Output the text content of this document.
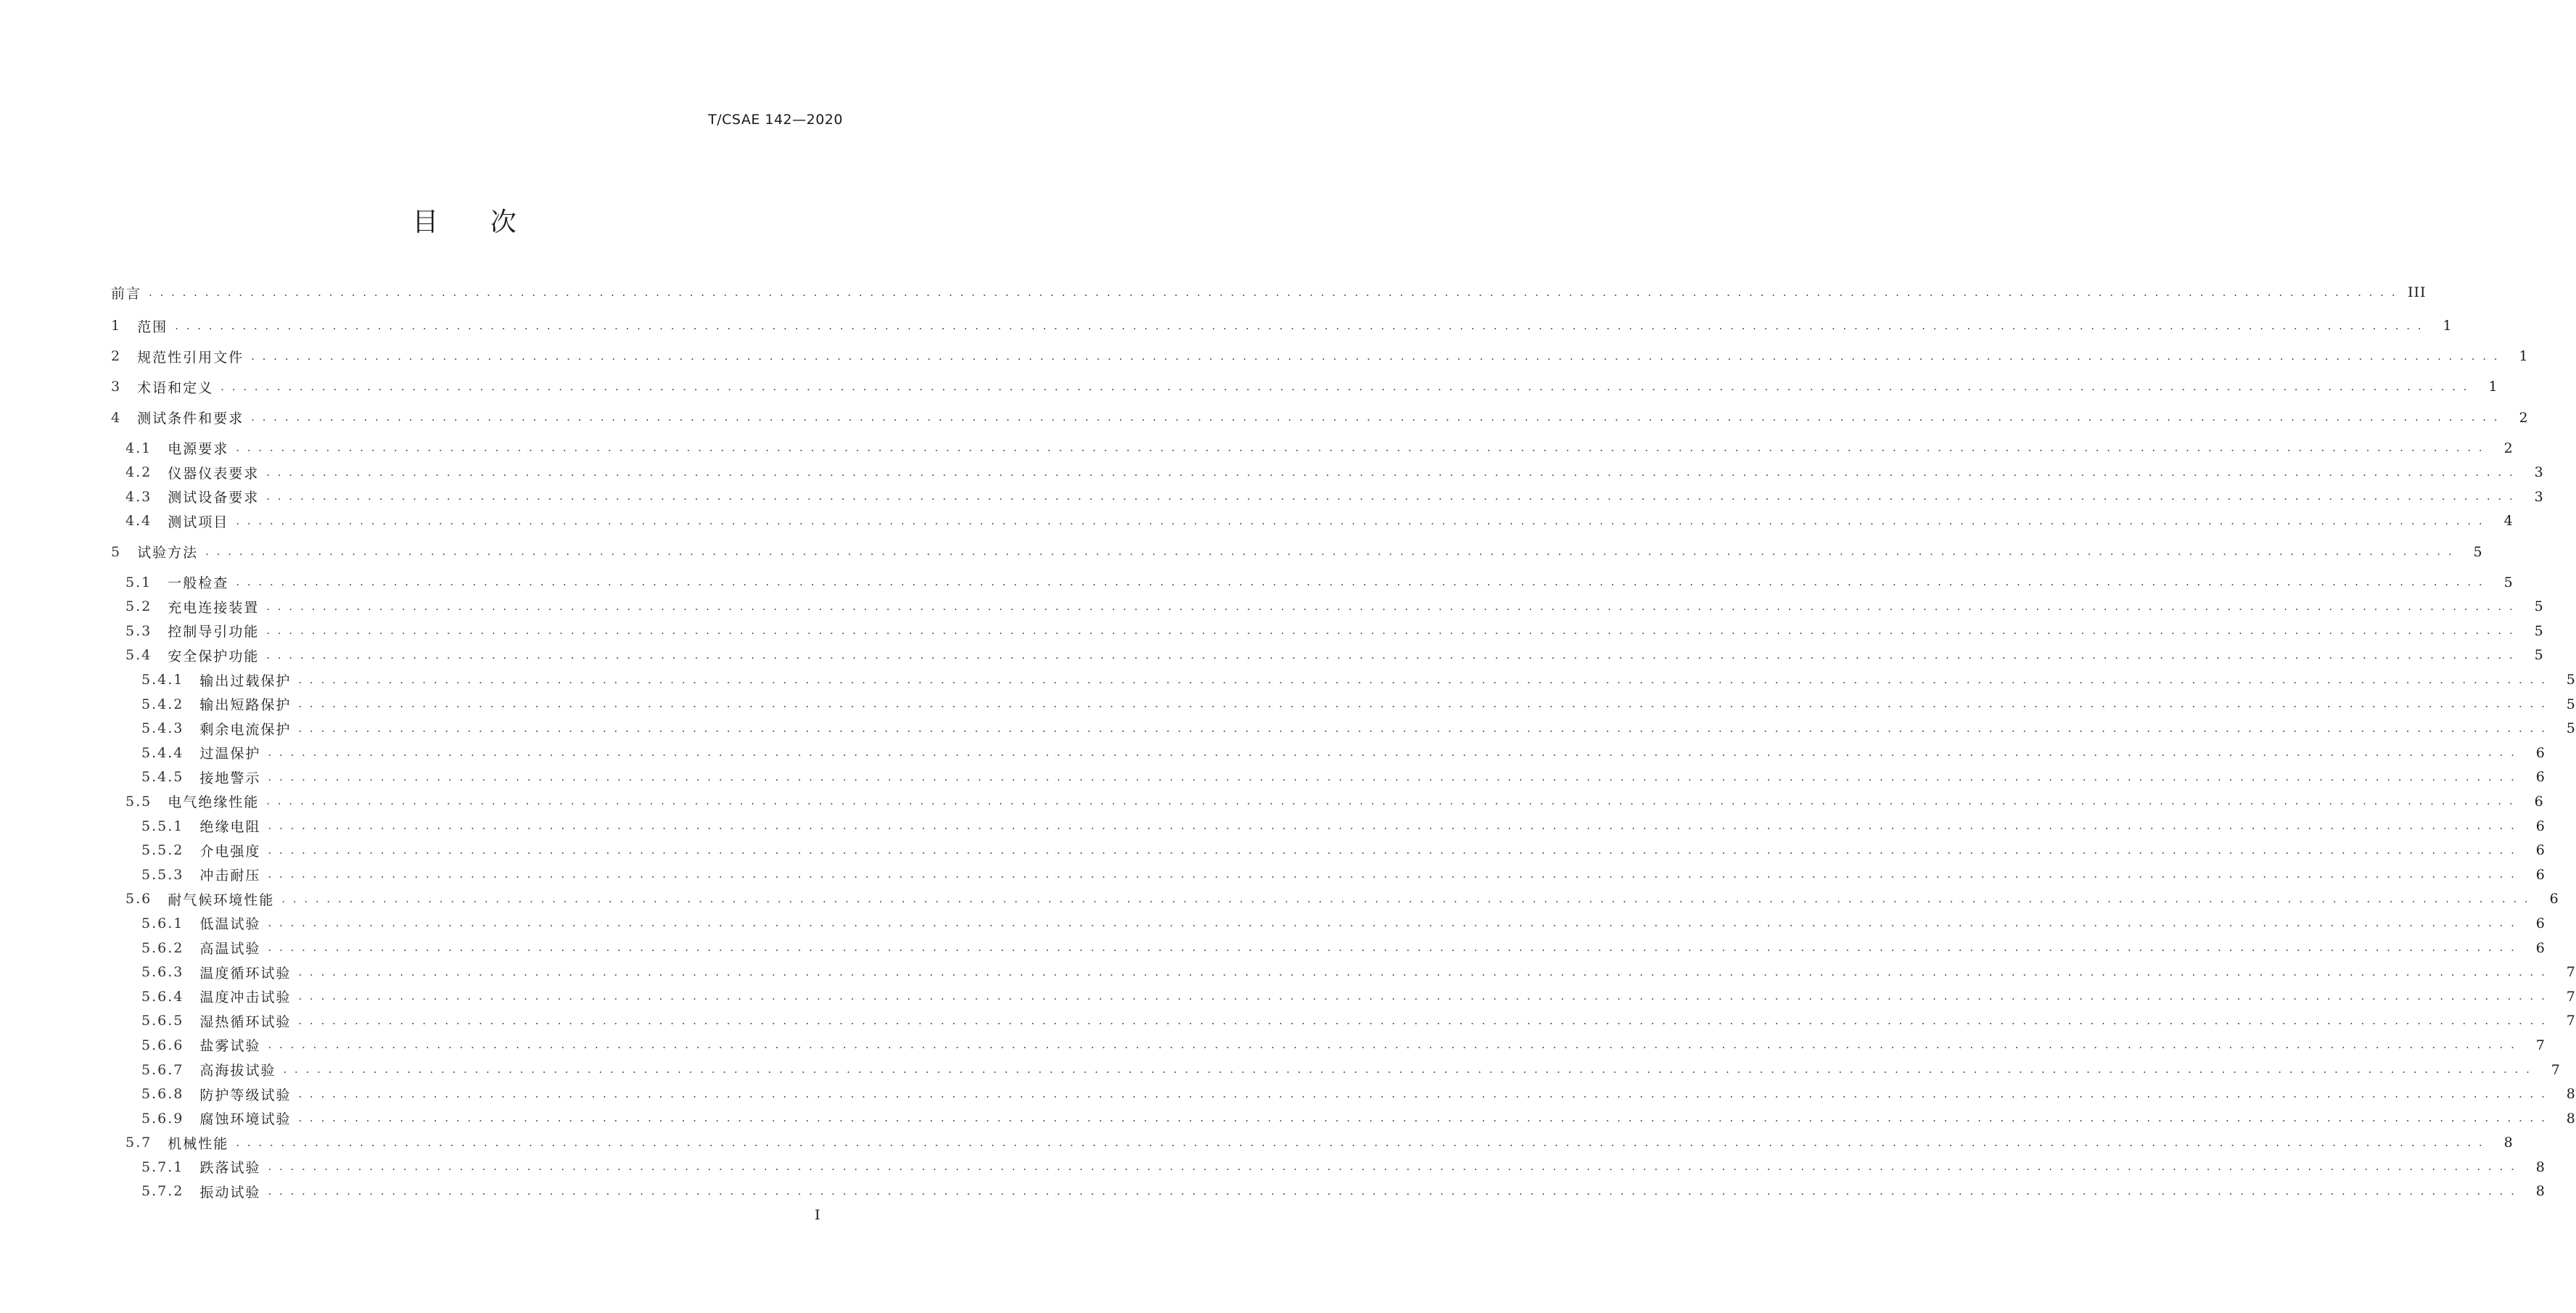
T/CSAE 142—2020
目 次
前言 . . . . . . . . . . . . . . . . . . . . . . . . . . . . . . . . . . . . . . . . . . . . . . . . . . . . . . . . . . . . . . . . . . . . . . . . . . . . . . . . . . . . . . . . . . . . . . . . . . . . . . . . . . . . . . . . . . . . . . . . . . . . . . . . . . . . . . . . . . . . . . . . . . . . . . . . . . . . . . . . . . . . . . . . . . . . . . . . . . . . . . . . . . . . . . . . . . . . . . . . III
1 范围 . . . . . . . . . . . . . . . . . . . . . . . . . . . . . . . . . . . . . . . . . . . . . . . . . . . . . . . . . . . . . . . . . . . . . . . . . . . . . . . . . . . . . . . . . . . . . . . . . . . . . . . . . . . . . . . . . . . . . . . . . . . . . . . . . . . . . . . . . . . . . . . . . . . . . . . . . . . . . . . . . . . . . . . . . . . . . . . . . . . . . . . . . . . . . . . . . . . . . . . .	1
2 规范性引用文件 . . . . . . . . . . . . . . . . . . . . . . . . . . . . . . . . . . . . . . . . . . . . . . . . . . . . . . . . . . . . . . . . . . . . . . . . . . . . . . . . . . . . . . . . . . . . . . . . . . . . . . . . . . . . . . . . . . . . . . . . . . . . . . . . . . . . . . . . . . . . . . . . . . . . . . . . . . . . . . . . . . . . . . . . . . . . . . . . . . . . . . . . . . . . . . . . . . . . . . . .	1
3 术语和定义 . . . . . . . . . . . . . . . . . . . . . . . . . . . . . . . . . . . . . . . . . . . . . . . . . . . . . . . . . . . . . . . . . . . . . . . . . . . . . . . . . . . . . . . . . . . . . . . . . . . . . . . . . . . . . . . . . . . . . . . . . . . . . . . . . . . . . . . . . . . . . . . . . . . . . . . . . . . . . . . . . . . . . . . . . . . . . . . . . . . . . . . . . . . . . . . . . . . . . . . .	1
4 测试条件和要求 . . . . . . . . . . . . . . . . . . . . . . . . . . . . . . . . . . . . . . . . . . . . . . . . . . . . . . . . . . . . . . . . . . . . . . . . . . . . . . . . . . . . . . . . . . . . . . . . . . . . . . . . . . . . . . . . . . . . . . . . . . . . . . . . . . . . . . . . . . . . . . . . . . . . . . . . . . . . . . . . . . . . . . . . . . . . . . . . . . . . . . . . . . . . . . . . . . . . . . . .	2
4.1 电源要求 . . . . . . . . . . . . . . . . . . . . . . . . . . . . . . . . . . . . . . . . . . . . . . . . . . . . . . . . . . . . . . . . . . . . . . . . . . . . . . . . . . . . . . . . . . . . . . . . . . . . . . . . . . . . . . . . . . . . . . . . . . . . . . . . . . . . . . . . . . . . . . . . . . . . . . . . . . . . . . . . . . . . . . . . . . . . . . . . . . . . . . . . . . . . . . . . . . . . . . . .	2
4.2 仪器仪表要求 . . . . . . . . . . . . . . . . . . . . . . . . . . . . . . . . . . . . . . . . . . . . . . . . . . . . . . . . . . . . . . . . . . . . . . . . . . . . . . . . . . . . . . . . . . . . . . . . . . . . . . . . . . . . . . . . . . . . . . . . . . . . . . . . . . . . . . . . . . . . . . . . . . . . . . . . . . . . . . . . . . . . . . . . . . . . . . . . . . . . . . . . . . . . . . . . . . . . . . . .	3
4.3 测试设备要求 . . . . . . . . . . . . . . . . . . . . . . . . . . . . . . . . . . . . . . . . . . . . . . . . . . . . . . . . . . . . . . . . . . . . . . . . . . . . . . . . . . . . . . . . . . . . . . . . . . . . . . . . . . . . . . . . . . . . . . . . . . . . . . . . . . . . . . . . . . . . . . . . . . . . . . . . . . . . . . . . . . . . . . . . . . . . . . . . . . . . . . . . . . . . . . . . . . . . . . . .	3
4.4 测试项目 . . . . . . . . . . . . . . . . . . . . . . . . . . . . . . . . . . . . . . . . . . . . . . . . . . . . . . . . . . . . . . . . . . . . . . . . . . . . . . . . . . . . . . . . . . . . . . . . . . . . . . . . . . . . . . . . . . . . . . . . . . . . . . . . . . . . . . . . . . . . . . . . . . . . . . . . . . . . . . . . . . . . . . . . . . . . . . . . . . . . . . . . . . . . . . . . . . . . . . . .	4
5 试验方法 . . . . . . . . . . . . . . . . . . . . . . . . . . . . . . . . . . . . . . . . . . . . . . . . . . . . . . . . . . . . . . . . . . . . . . . . . . . . . . . . . . . . . . . . . . . . . . . . . . . . . . . . . . . . . . . . . . . . . . . . . . . . . . . . . . . . . . . . . . . . . . . . . . . . . . . . . . . . . . . . . . . . . . . . . . . . . . . . . . . . . . . . . . . . . . . . . . . . . . . .	5
5.1 一般检查 . . . . . . . . . . . . . . . . . . . . . . . . . . . . . . . . . . . . . . . . . . . . . . . . . . . . . . . . . . . . . . . . . . . . . . . . . . . . . . . . . . . . . . . . . . . . . . . . . . . . . . . . . . . . . . . . . . . . . . . . . . . . . . . . . . . . . . . . . . . . . . . . . . . . . . . . . . . . . . . . . . . . . . . . . . . . . . . . . . . . . . . . . . . . . . . . . . . . . . . .	5
5.2 充电连接装置 . . . . . . . . . . . . . . . . . . . . . . . . . . . . . . . . . . . . . . . . . . . . . . . . . . . . . . . . . . . . . . . . . . . . . . . . . . . . . . . . . . . . . . . . . . . . . . . . . . . . . . . . . . . . . . . . . . . . . . . . . . . . . . . . . . . . . . . . . . . . . . . . . . . . . . . . . . . . . . . . . . . . . . . . . . . . . . . . . . . . . . . . . . . . . . . . . . . . . . . .	5
5.3 控制导引功能 . . . . . . . . . . . . . . . . . . . . . . . . . . . . . . . . . . . . . . . . . . . . . . . . . . . . . . . . . . . . . . . . . . . . . . . . . . . . . . . . . . . . . . . . . . . . . . . . . . . . . . . . . . . . . . . . . . . . . . . . . . . . . . . . . . . . . . . . . . . . . . . . . . . . . . . . . . . . . . . . . . . . . . . . . . . . . . . . . . . . . . . . . . . . . . . . . . . . . . . .	5
5.4 安全保护功能 . . . . . . . . . . . . . . . . . . . . . . . . . . . . . . . . . . . . . . . . . . . . . . . . . . . . . . . . . . . . . . . . . . . . . . . . . . . . . . . . . . . . . . . . . . . . . . . . . . . . . . . . . . . . . . . . . . . . . . . . . . . . . . . . . . . . . . . . . . . . . . . . . . . . . . . . . . . . . . . . . . . . . . . . . . . . . . . . . . . . . . . . . . . . . . . . . . . . . . . .	5
5.4.1 输出过载保护 . . . . . . . . . . . . . . . . . . . . . . . . . . . . . . . . . . . . . . . . . . . . . . . . . . . . . . . . . . . . . . . . . . . . . . . . . . . . . . . . . . . . . . . . . . . . . . . . . . . . . . . . . . . . . . . . . . . . . . . . . . . . . . . . . . . . . . . . . . . . . . . . . . . . . . . . . . . . . . . . . . . . . . . . . . . . . . . . . . . . . . . . . . . . . . . . . . . . . . . .	5
5.4.2 输出短路保护 . . . . . . . . . . . . . . . . . . . . . . . . . . . . . . . . . . . . . . . . . . . . . . . . . . . . . . . . . . . . . . . . . . . . . . . . . . . . . . . . . . . . . . . . . . . . . . . . . . . . . . . . . . . . . . . . . . . . . . . . . . . . . . . . . . . . . . . . . . . . . . . . . . . . . . . . . . . . . . . . . . . . . . . . . . . . . . . . . . . . . . . . . . . . . . . . . . . . . . . .	5
5.4.3 剩余电流保护 . . . . . . . . . . . . . . . . . . . . . . . . . . . . . . . . . . . . . . . . . . . . . . . . . . . . . . . . . . . . . . . . . . . . . . . . . . . . . . . . . . . . . . . . . . . . . . . . . . . . . . . . . . . . . . . . . . . . . . . . . . . . . . . . . . . . . . . . . . . . . . . . . . . . . . . . . . . . . . . . . . . . . . . . . . . . . . . . . . . . . . . . . . . . . . . . . . . . . . . .	5
5.4.4 过温保护 . . . . . . . . . . . . . . . . . . . . . . . . . . . . . . . . . . . . . . . . . . . . . . . . . . . . . . . . . . . . . . . . . . . . . . . . . . . . . . . . . . . . . . . . . . . . . . . . . . . . . . . . . . . . . . . . . . . . . . . . . . . . . . . . . . . . . . . . . . . . . . . . . . . . . . . . . . . . . . . . . . . . . . . . . . . . . . . . . . . . . . . . . . . . . . . . . . . . . . . .	6
5.4.5 接地警示 . . . . . . . . . . . . . . . . . . . . . . . . . . . . . . . . . . . . . . . . . . . . . . . . . . . . . . . . . . . . . . . . . . . . . . . . . . . . . . . . . . . . . . . . . . . . . . . . . . . . . . . . . . . . . . . . . . . . . . . . . . . . . . . . . . . . . . . . . . . . . . . . . . . . . . . . . . . . . . . . . . . . . . . . . . . . . . . . . . . . . . . . . . . . . . . . . . . . . . . .	6
5.5 电气绝缘性能 . . . . . . . . . . . . . . . . . . . . . . . . . . . . . . . . . . . . . . . . . . . . . . . . . . . . . . . . . . . . . . . . . . . . . . . . . . . . . . . . . . . . . . . . . . . . . . . . . . . . . . . . . . . . . . . . . . . . . . . . . . . . . . . . . . . . . . . . . . . . . . . . . . . . . . . . . . . . . . . . . . . . . . . . . . . . . . . . . . . . . . . . . . . . . . . . . . . . . . . .	6
5.5.1 绝缘电阻 . . . . . . . . . . . . . . . . . . . . . . . . . . . . . . . . . . . . . . . . . . . . . . . . . . . . . . . . . . . . . . . . . . . . . . . . . . . . . . . . . . . . . . . . . . . . . . . . . . . . . . . . . . . . . . . . . . . . . . . . . . . . . . . . . . . . . . . . . . . . . . . . . . . . . . . . . . . . . . . . . . . . . . . . . . . . . . . . . . . . . . . . . . . . . . . . . . . . . . . .	6
5.5.2 介电强度 . . . . . . . . . . . . . . . . . . . . . . . . . . . . . . . . . . . . . . . . . . . . . . . . . . . . . . . . . . . . . . . . . . . . . . . . . . . . . . . . . . . . . . . . . . . . . . . . . . . . . . . . . . . . . . . . . . . . . . . . . . . . . . . . . . . . . . . . . . . . . . . . . . . . . . . . . . . . . . . . . . . . . . . . . . . . . . . . . . . . . . . . . . . . . . . . . . . . . . . .	6
5.5.3 冲击耐压 . . . . . . . . . . . . . . . . . . . . . . . . . . . . . . . . . . . . . . . . . . . . . . . . . . . . . . . . . . . . . . . . . . . . . . . . . . . . . . . . . . . . . . . . . . . . . . . . . . . . . . . . . . . . . . . . . . . . . . . . . . . . . . . . . . . . . . . . . . . . . . . . . . . . . . . . . . . . . . . . . . . . . . . . . . . . . . . . . . . . . . . . . . . . . . . . . . . . . . . .	6
5.6 耐气候环境性能 . . . . . . . . . . . . . . . . . . . . . . . . . . . . . . . . . . . . . . . . . . . . . . . . . . . . . . . . . . . . . . . . . . . . . . . . . . . . . . . . . . . . . . . . . . . . . . . . . . . . . . . . . . . . . . . . . . . . . . . . . . . . . . . . . . . . . . . . . . . . . . . . . . . . . . . . . . . . . . . . . . . . . . . . . . . . . . . . . . . . . . . . . . . . . . . . . . . . . . . .	6
5.6.1 低温试验 . . . . . . . . . . . . . . . . . . . . . . . . . . . . . . . . . . . . . . . . . . . . . . . . . . . . . . . . . . . . . . . . . . . . . . . . . . . . . . . . . . . . . . . . . . . . . . . . . . . . . . . . . . . . . . . . . . . . . . . . . . . . . . . . . . . . . . . . . . . . . . . . . . . . . . . . . . . . . . . . . . . . . . . . . . . . . . . . . . . . . . . . . . . . . . . . . . . . . . . .	6
5.6.2 高温试验 . . . . . . . . . . . . . . . . . . . . . . . . . . . . . . . . . . . . . . . . . . . . . . . . . . . . . . . . . . . . . . . . . . . . . . . . . . . . . . . . . . . . . . . . . . . . . . . . . . . . . . . . . . . . . . . . . . . . . . . . . . . . . . . . . . . . . . . . . . . . . . . . . . . . . . . . . . . . . . . . . . . . . . . . . . . . . . . . . . . . . . . . . . . . . . . . . . . . . . . .	6
5.6.3 温度循环试验 . . . . . . . . . . . . . . . . . . . . . . . . . . . . . . . . . . . . . . . . . . . . . . . . . . . . . . . . . . . . . . . . . . . . . . . . . . . . . . . . . . . . . . . . . . . . . . . . . . . . . . . . . . . . . . . . . . . . . . . . . . . . . . . . . . . . . . . . . . . . . . . . . . . . . . . . . . . . . . . . . . . . . . . . . . . . . . . . . . . . . . . . . . . . . . . . . . . . . . . .	7
5.6.4 温度冲击试验 . . . . . . . . . . . . . . . . . . . . . . . . . . . . . . . . . . . . . . . . . . . . . . . . . . . . . . . . . . . . . . . . . . . . . . . . . . . . . . . . . . . . . . . . . . . . . . . . . . . . . . . . . . . . . . . . . . . . . . . . . . . . . . . . . . . . . . . . . . . . . . . . . . . . . . . . . . . . . . . . . . . . . . . . . . . . . . . . . . . . . . . . . . . . . . . . . . . . . . . .	7
5.6.5 湿热循环试验 . . . . . . . . . . . . . . . . . . . . . . . . . . . . . . . . . . . . . . . . . . . . . . . . . . . . . . . . . . . . . . . . . . . . . . . . . . . . . . . . . . . . . . . . . . . . . . . . . . . . . . . . . . . . . . . . . . . . . . . . . . . . . . . . . . . . . . . . . . . . . . . . . . . . . . . . . . . . . . . . . . . . . . . . . . . . . . . . . . . . . . . . . . . . . . . . . . . . . . . .	7
5.6.6 盐雾试验 . . . . . . . . . . . . . . . . . . . . . . . . . . . . . . . . . . . . . . . . . . . . . . . . . . . . . . . . . . . . . . . . . . . . . . . . . . . . . . . . . . . . . . . . . . . . . . . . . . . . . . . . . . . . . . . . . . . . . . . . . . . . . . . . . . . . . . . . . . . . . . . . . . . . . . . . . . . . . . . . . . . . . . . . . . . . . . . . . . . . . . . . . . . . . . . . . . . . . . . .	7
5.6.7 高海拔试验 . . . . . . . . . . . . . . . . . . . . . . . . . . . . . . . . . . . . . . . . . . . . . . . . . . . . . . . . . . . . . . . . . . . . . . . . . . . . . . . . . . . . . . . . . . . . . . . . . . . . . . . . . . . . . . . . . . . . . . . . . . . . . . . . . . . . . . . . . . . . . . . . . . . . . . . . . . . . . . . . . . . . . . . . . . . . . . . . . . . . . . . . . . . . . . . . . . . . . . . .	7
5.6.8 防护等级试验 . . . . . . . . . . . . . . . . . . . . . . . . . . . . . . . . . . . . . . . . . . . . . . . . . . . . . . . . . . . . . . . . . . . . . . . . . . . . . . . . . . . . . . . . . . . . . . . . . . . . . . . . . . . . . . . . . . . . . . . . . . . . . . . . . . . . . . . . . . . . . . . . . . . . . . . . . . . . . . . . . . . . . . . . . . . . . . . . . . . . . . . . . . . . . . . . . . . . . . . .	8
5.6.9 腐蚀环境试验 . . . . . . . . . . . . . . . . . . . . . . . . . . . . . . . . . . . . . . . . . . . . . . . . . . . . . . . . . . . . . . . . . . . . . . . . . . . . . . . . . . . . . . . . . . . . . . . . . . . . . . . . . . . . . . . . . . . . . . . . . . . . . . . . . . . . . . . . . . . . . . . . . . . . . . . . . . . . . . . . . . . . . . . . . . . . . . . . . . . . . . . . . . . . . . . . . . . . . . . .	8
5.7 机械性能 . . . . . . . . . . . . . . . . . . . . . . . . . . . . . . . . . . . . . . . . . . . . . . . . . . . . . . . . . . . . . . . . . . . . . . . . . . . . . . . . . . . . . . . . . . . . . . . . . . . . . . . . . . . . . . . . . . . . . . . . . . . . . . . . . . . . . . . . . . . . . . . . . . . . . . . . . . . . . . . . . . . . . . . . . . . . . . . . . . . . . . . . . . . . . . . . . . . . . . . .	8
5.7.1 跌落试验 . . . . . . . . . . . . . . . . . . . . . . . . . . . . . . . . . . . . . . . . . . . . . . . . . . . . . . . . . . . . . . . . . . . . . . . . . . . . . . . . . . . . . . . . . . . . . . . . . . . . . . . . . . . . . . . . . . . . . . . . . . . . . . . . . . . . . . . . . . . . . . . . . . . . . . . . . . . . . . . . . . . . . . . . . . . . . . . . . . . . . . . . . . . . . . . . . . . . . . . .	8
5.7.2 振动试验 . . . . . . . . . . . . . . . . . . . . . . . . . . . . . . . . . . . . . . . . . . . . . . . . . . . . . . . . . . . . . . . . . . . . . . . . . . . . . . . . . . . . . . . . . . . . . . . . . . . . . . . . . . . . . . . . . . . . . . . . . . . . . . . . . . . . . . . . . . . . . . . . . . . . . . . . . . . . . . . . . . . . . . . . . . . . . . . . . . . . . . . . . . . . . . . . . . . . . . . .	8
I
